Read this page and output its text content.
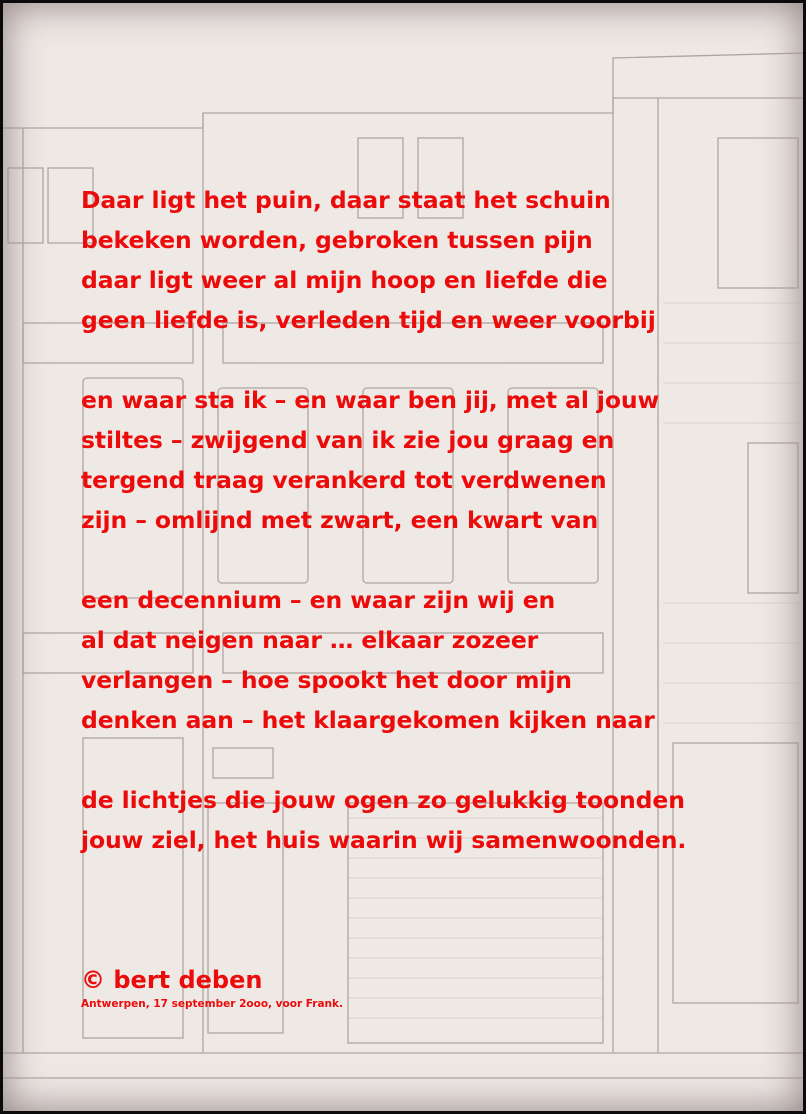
Daar ligt het puin, daar staat het schuin
bekeken worden, gebroken tussen pijn
daar ligt weer al mijn hoop en liefde die
geen liefde is, verleden tijd en weer voorbij
en waar sta ik – en waar ben jij, met al jouw
stiltes – zwijgend van ik zie jou graag en
tergend traag verankerd tot verdwenen
zijn – omlijnd met zwart, een kwart van
een decennium – en waar zijn wij en
al dat neigen naar … elkaar zozeer
verlangen – hoe spookt het door mijn
denken aan – het klaargekomen kijken naar
de lichtjes die jouw ogen zo gelukkig toonden
jouw ziel, het huis waarin wij samenwoonden.
© bert deben
Antwerpen, 17 september 2ooo, voor Frank.
